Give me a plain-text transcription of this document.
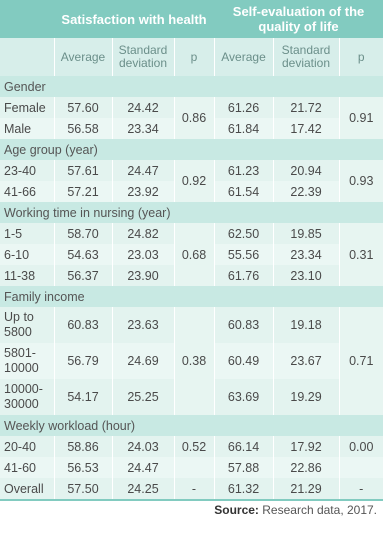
	Satisfaction with health			Self-evaluation of the quality of life		
	Average	Standard deviation	p	Average	Standard deviation	p
Gender						
Female	57.60	24.42	0.86	61.26	21.72	0.91
Male	56.58	23.34		61.84	17.42	
Age group (year)						
23-40	57.61	24.47	0.92	61.23	20.94	0.93
41-66	57.21	23.92		61.54	22.39	
Working time in nursing (year)						
1-5	58.70	24.82	0.68	62.50	19.85	0.31
6-10	54.63	23.03		55.56	23.34	
11-38	56.37	23.90		61.76	23.10	
Family income						
Up to 5800	60.83	23.63	0.38	60.83	19.18	0.71
5801-10000	56.79	24.69		60.49	23.67	
10000-30000	54.17	25.25		63.69	19.29	
Weekly workload (hour)						
20-40	58.86	24.03	0.52	66.14	17.92	0.00
41-60	56.53	24.47		57.88	22.86	
Overall	57.50	24.25	-	61.32	21.29	-
Source: Research data, 2017.						
